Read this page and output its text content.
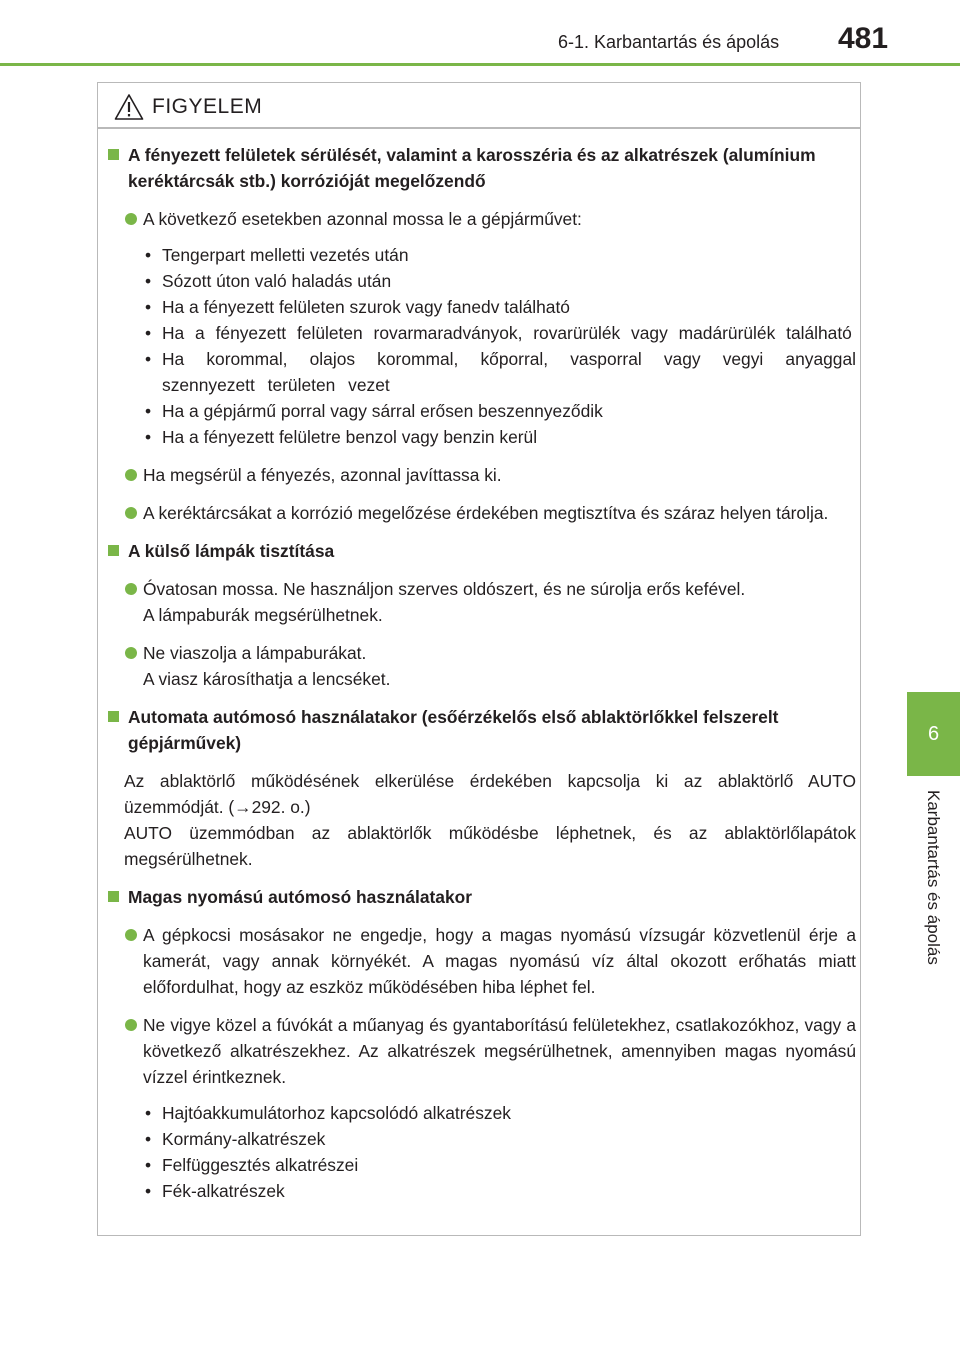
6-1. Karbantartás és ápolás	481
6
Karbantartás és ápolás
FIGYELEM
A fényezett felületek sérülését, valamint a karosszéria és az alkatrészek (alumínium keréktárcsák stb.) korrózióját megelőzendő
A következő esetekben azonnal mossa le a gépjárművet:
• Tengerpart melletti vezetés után
• Sózott úton való haladás után
• Ha a fényezett felületen szurok vagy fanedv található
• Ha a fényezett felületen rovarmaradványok, rovarürülék vagy madárürülék található
• Ha korommal, olajos korommal, kőporral, vasporral vagy vegyi anyaggal szennyezett területen vezet
• Ha a gépjármű porral vagy sárral erősen beszennyeződik
• Ha a fényezett felületre benzol vagy benzin kerül
Ha megsérül a fényezés, azonnal javíttassa ki.
A keréktárcsákat a korrózió megelőzése érdekében megtisztítva és száraz helyen tárolja.
A külső lámpák tisztítása
Óvatosan mossa. Ne használjon szerves oldószert, és ne súrolja erős kefével.
A lámpaburák megsérülhetnek.
Ne viaszolja a lámpaburákat.
A viasz károsíthatja a lencséket.
Automata autómosó használatakor (esőérzékelős első ablaktörlőkkel felszerelt gépjárművek)
Az ablaktörlő működésének elkerülése érdekében kapcsolja ki az ablaktörlő AUTO üzemmódját. (→292. o.)
AUTO üzemmódban az ablaktörlők működésbe léphetnek, és az ablaktörlőlapátok megsérülhetnek.
Magas nyomású autómosó használatakor
A gépkocsi mosásakor ne engedje, hogy a magas nyomású vízsugár közvetlenül érje a kamerát, vagy annak környékét. A magas nyomású víz által okozott erőhatás miatt előfordulhat, hogy az eszköz működésében hiba léphet fel.
Ne vigye közel a fúvókát a műanyag és gyantaborítású felületekhez, csatlakozókhoz, vagy a következő alkatrészekhez. Az alkatrészek megsérülhetnek, amennyiben magas nyomású vízzel érintkeznek.
• Hajtóakkumulátorhoz kapcsolódó alkatrészek
• Kormány-alkatrészek
• Felfüggesztés alkatrészei
• Fék-alkatrészek
